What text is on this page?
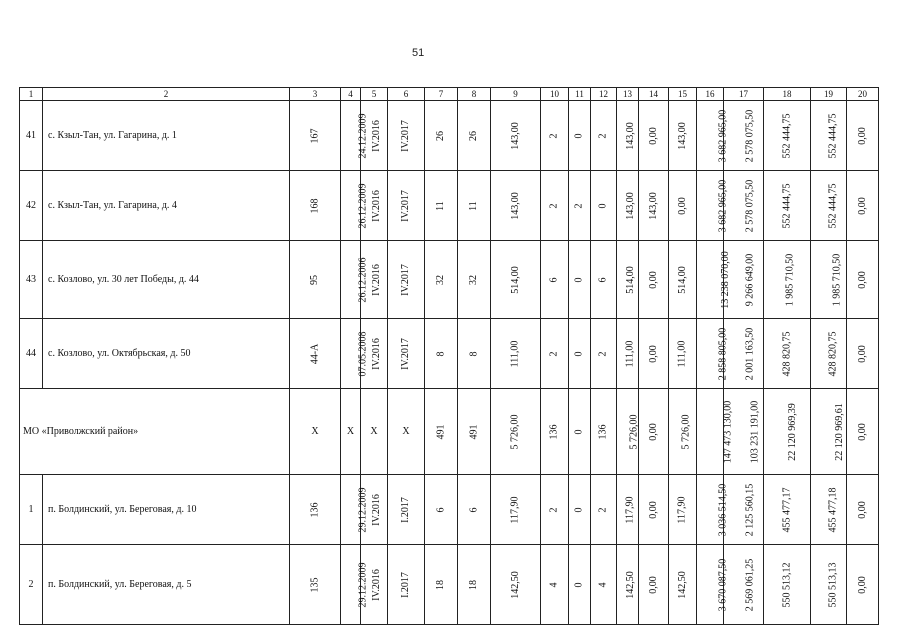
51
1	2	3	4	5	6	7	8	9	10	11	12	13	14	15	16	17	18	19	20
41	с. Кзыл-Тан, ул. Гагарина, д. 1	167	24.12.2009	IV.2016	IV.2017	26	26	143,00	2	0	2	143,00	0,00	143,00	3 682 965,00	2 578 075,50	552 444,75	552 444,75	0,00
42	с. Кзыл-Тан, ул. Гагарина, д. 4	168	26.12.2009	IV.2016	IV.2017	11	11	143,00	2	2	0	143,00	143,00	0,00	3 682 965,00	2 578 075,50	552 444,75	552 444,75	0,00
43	с. Козлово, ул. 30 лет Победы, д. 44	95	26.12.2006	IV.2016	IV.2017	32	32	514,00	6	0	6	514,00	0,00	514,00	13 238 070,00	9 266 649,00	1 985 710,50	1 985 710,50	0,00
44	с. Козлово, ул. Октябрьская, д. 50	44-А	07.05.2008	IV.2016	IV.2017	8	8	111,00	2	0	2	111,00	0,00	111,00	2 858 805,00	2 001 163,50	428 820,75	428 820,75	0,00
МО «Приволжский район»		Х	Х	Х	Х	491	491	5 726,00	136	0	136	5 726,00	0,00	5 726,00	147 473 130,00	103 231 191,00	22 120 969,39	22 120 969,61	0,00
1	п. Болдинский, ул. Береговая, д. 10	136	29.12.2009	IV.2016	I.2017	6	6	117,90	2	0	2	117,90	0,00	117,90	3 036 514,50	2 125 560,15	455 477,17	455 477,18	0,00
2	п. Болдинский, ул. Береговая, д. 5	135	29.12.2009	IV.2016	I.2017	18	18	142,50	4	0	4	142,50	0,00	142,50	3 670 087,50	2 569 061,25	550 513,12	550 513,13	0,00
